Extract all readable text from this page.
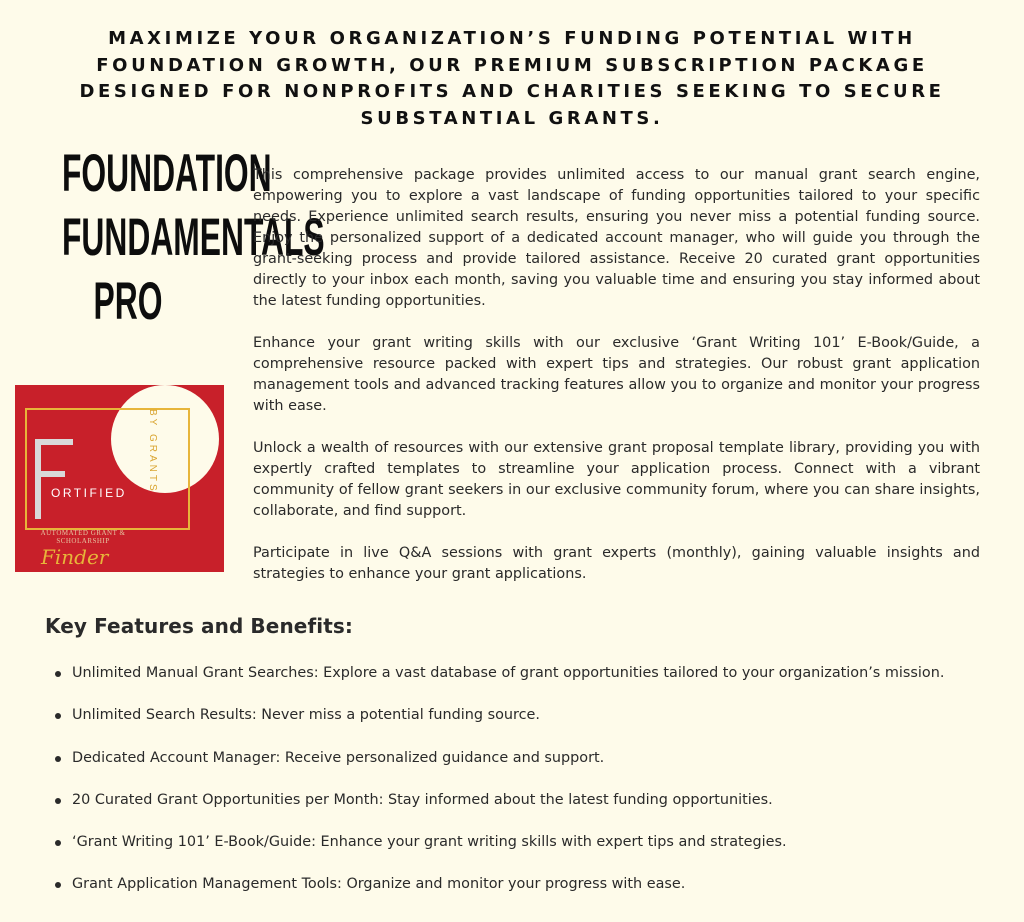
MAXIMIZE YOUR ORGANIZATION’S FUNDING POTENTIAL WITH FOUNDATION GROWTH, OUR PREMIUM SUBSCRIPTION PACKAGE DESIGNED FOR NONPROFITS AND CHARITIES SEEKING TO SECURE SUBSTANTIAL GRANTS.
FOUNDATION
FUNDAMENTALS
PRO
ORTIFIED BY GRANTS
AUTOMATED GRANT & SCHOLARSHIP
Finder

This comprehensive package provides unlimited access to our manual grant search engine, empowering you to explore a vast landscape of funding opportunities tailored to your specific needs. Experience unlimited search results, ensuring you never miss a potential funding source. Enjoy the personalized support of a dedicated account manager, who will guide you through the grant-seeking process and provide tailored assistance. Receive 20 curated grant opportunities directly to your inbox each month, saving you valuable time and ensuring you stay informed about the latest funding opportunities.

Enhance your grant writing skills with our exclusive ‘Grant Writing 101’ E-Book/Guide, a comprehensive resource packed with expert tips and strategies. Our robust grant application management tools and advanced tracking features allow you to organize and monitor your progress with ease.

Unlock a wealth of resources with our extensive grant proposal template library, providing you with expertly crafted templates to streamline your application process. Connect with a vibrant community of fellow grant seekers in our exclusive community forum, where you can share insights, collaborate, and find support.

Participate in live Q&A sessions with grant experts (monthly), gaining valuable insights and strategies to enhance your grant applications.

Key Features and Benefits:
Unlimited Manual Grant Searches: Explore a vast database of grant opportunities tailored to your organization’s mission.
Unlimited Search Results: Never miss a potential funding source.
Dedicated Account Manager: Receive personalized guidance and support.
20 Curated Grant Opportunities per Month: Stay informed about the latest funding opportunities.
‘Grant Writing 101’ E-Book/Guide: Enhance your grant writing skills with expert tips and strategies.
Grant Application Management Tools: Organize and monitor your progress with ease.
